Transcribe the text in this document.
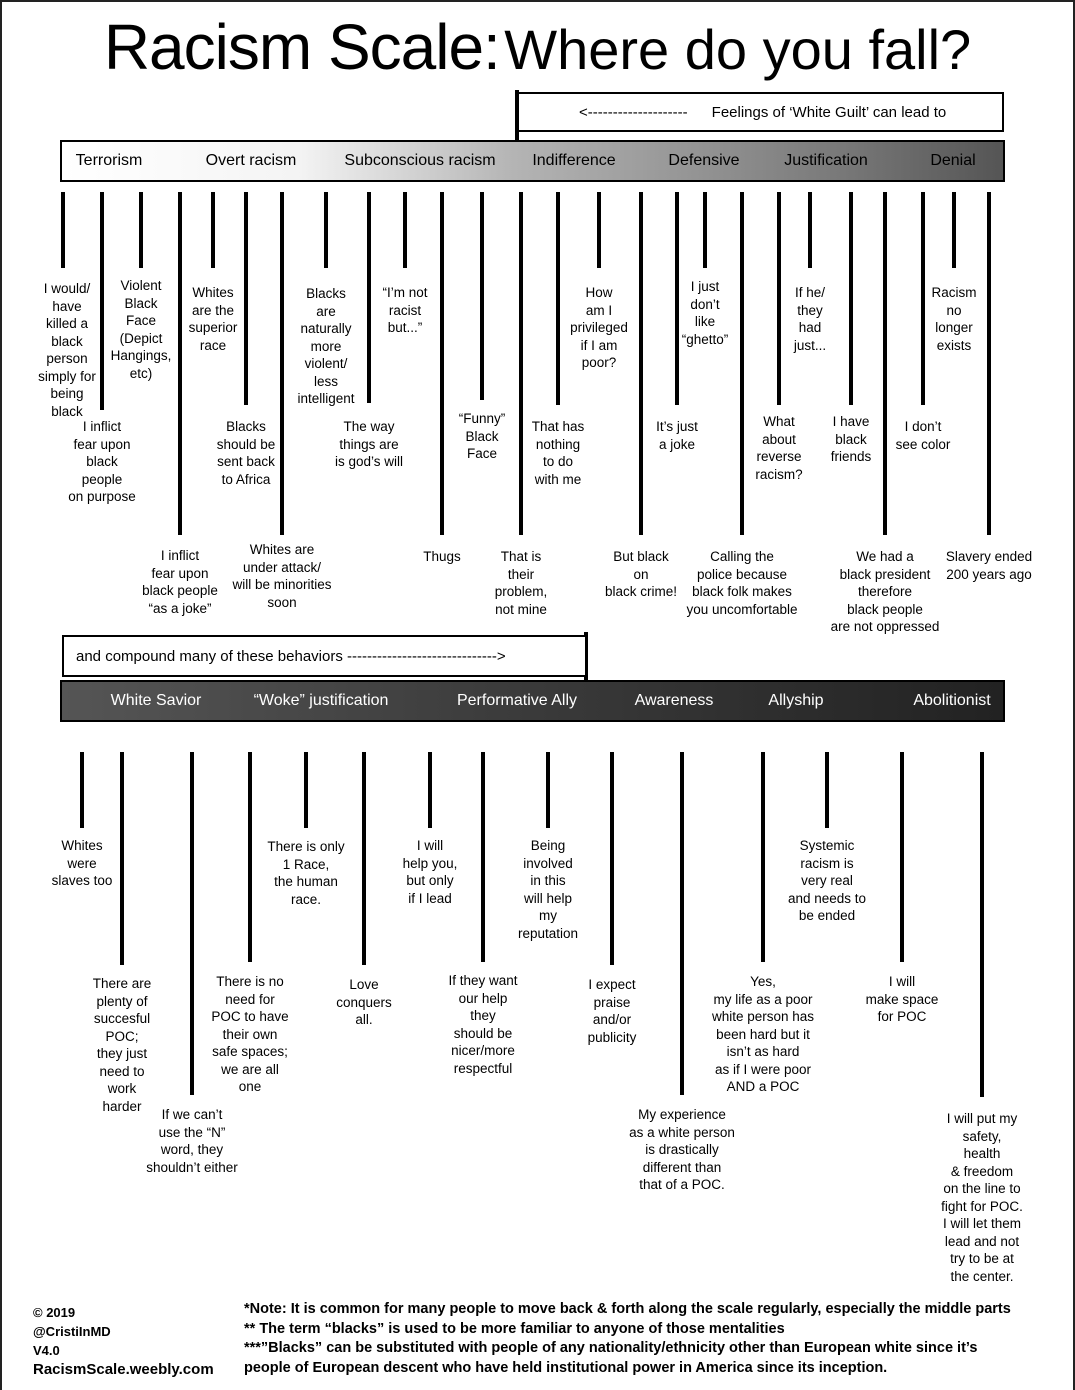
Racism Scale: Where do you fall?
<-------------------- Feelings of ‘White Guilt’ can lead to
Terrorism	Overt racism	Subconscious racism Indifference	Defensive	Justification	Denial
I would/
have
killed a
black
person
simply for
being
black
I inflict
fear upon
black
people
on purpose
Violent
Black
Face
(Depict
Hangings,
etc)
I inflict
fear upon
black people
“as a joke”
Whites
are the
superior
race
Blacks
should be
sent back
to Africa
Whites are
under attack/
will be minorities
soon
Blacks
are
naturally
more
violent/
less
intelligent
The way
things are
is god’s will
“I’m not
racist
but...”
Thugs
“Funny”
Black
Face
That is
their
problem,
not mine
That has
nothing
to do
with me
How
am I
privileged
if I am
poor?
But black
on
black crime!
It’s just
a joke
I just
don’t
like
“ghetto”
Calling the
police because
black folk makes
you uncomfortable
What
about
reverse
racism?
If he/
they
had
just...
I have
black
friends
We had a
black president
therefore
black people
are not oppressed
I don’t
see color
Racism
no
longer
exists
Slavery ended
200 years ago
and compound many of these behaviors ------------------------------>
White Savior	“Woke” justification	Performative Ally	Awareness	Allyship	Abolitionist
Whites
were
slaves too
There are
plenty of
succesful
POC;
they just
need to
work
harder
If we can’t
use the “N”
word, they
shouldn’t either
There is no
need for
POC to have
their own
safe spaces;
we are all
one
There is only
1 Race,
the human
race.
Love
conquers
all.
I will
help you,
but only
if I lead
If they want
our help
they
should be
nicer/more
respectful
Being
involved
in this
will help
my
reputation
I expect
praise
and/or
publicity
My experience
as a white person
is drastically
different than
that of a POC.
Yes,
my life as a poor
white person has
been hard but it
isn’t as hard
as if I were poor
AND a POC
Systemic
racism is
very real
and needs to
be ended
I will
make space
for POC
I will put my
safety,
health
& freedom
on the line to
fight for POC.
I will let them
lead and not
try to be at
the center.
© 2019
@CristiInMD
V4.0
RacismScale.weebly.com
*Note: It is common for many people to move back & forth along the scale regularly, especially the middle parts
** The term “blacks” is used to be more familiar to anyone of those mentalities
***”Blacks” can be substituted with people of any nationality/ethnicity other than European white since it’s
people of European descent who have held institutional power in America since its inception.
